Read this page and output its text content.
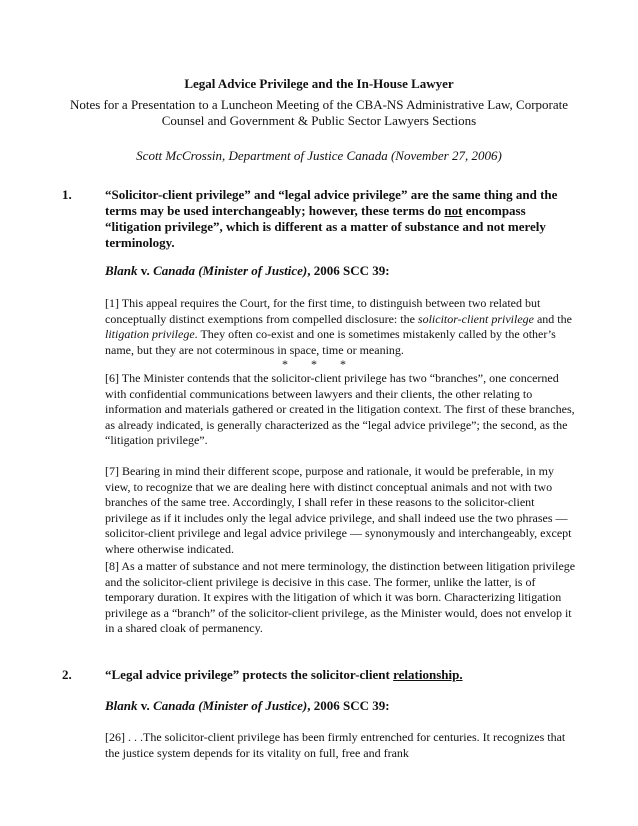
Legal Advice Privilege and the In-House Lawyer
Notes for a Presentation to a Luncheon Meeting of the CBA-NS Administrative Law, Corporate Counsel and Government & Public Sector Lawyers Sections
Scott McCrossin, Department of Justice Canada (November 27, 2006)
1.	“Solicitor-client privilege” and “legal advice privilege” are the same thing and the terms may be used interchangeably; however, these terms do not encompass “litigation privilege”, which is different as a matter of substance and not merely terminology.
Blank v. Canada (Minister of Justice), 2006 SCC 39:
[1] This appeal requires the Court, for the first time, to distinguish between two related but conceptually distinct exemptions from compelled disclosure: the solicitor-client privilege and the litigation privilege. They often co-exist and one is sometimes mistakenly called by the other’s name, but they are not coterminous in space, time or meaning.
* * *
[6] The Minister contends that the solicitor-client privilege has two “branches”, one concerned with confidential communications between lawyers and their clients, the other relating to information and materials gathered or created in the litigation context. The first of these branches, as already indicated, is generally characterized as the “legal advice privilege”; the second, as the “litigation privilege”.
[7] Bearing in mind their different scope, purpose and rationale, it would be preferable, in my view, to recognize that we are dealing here with distinct conceptual animals and not with two branches of the same tree. Accordingly, I shall refer in these reasons to the solicitor-client privilege as if it includes only the legal advice privilege, and shall indeed use the two phrases — solicitor-client privilege and legal advice privilege — synonymously and interchangeably, except where otherwise indicated.
[8] As a matter of substance and not mere terminology, the distinction between litigation privilege and the solicitor-client privilege is decisive in this case. The former, unlike the latter, is of temporary duration. It expires with the litigation of which it was born. Characterizing litigation privilege as a “branch” of the solicitor-client privilege, as the Minister would, does not envelop it in a shared cloak of permanency.
2.	“Legal advice privilege” protects the solicitor-client relationship.
Blank v. Canada (Minister of Justice), 2006 SCC 39:
[26] . . .The solicitor-client privilege has been firmly entrenched for centuries. It recognizes that the justice system depends for its vitality on full, free and frank
